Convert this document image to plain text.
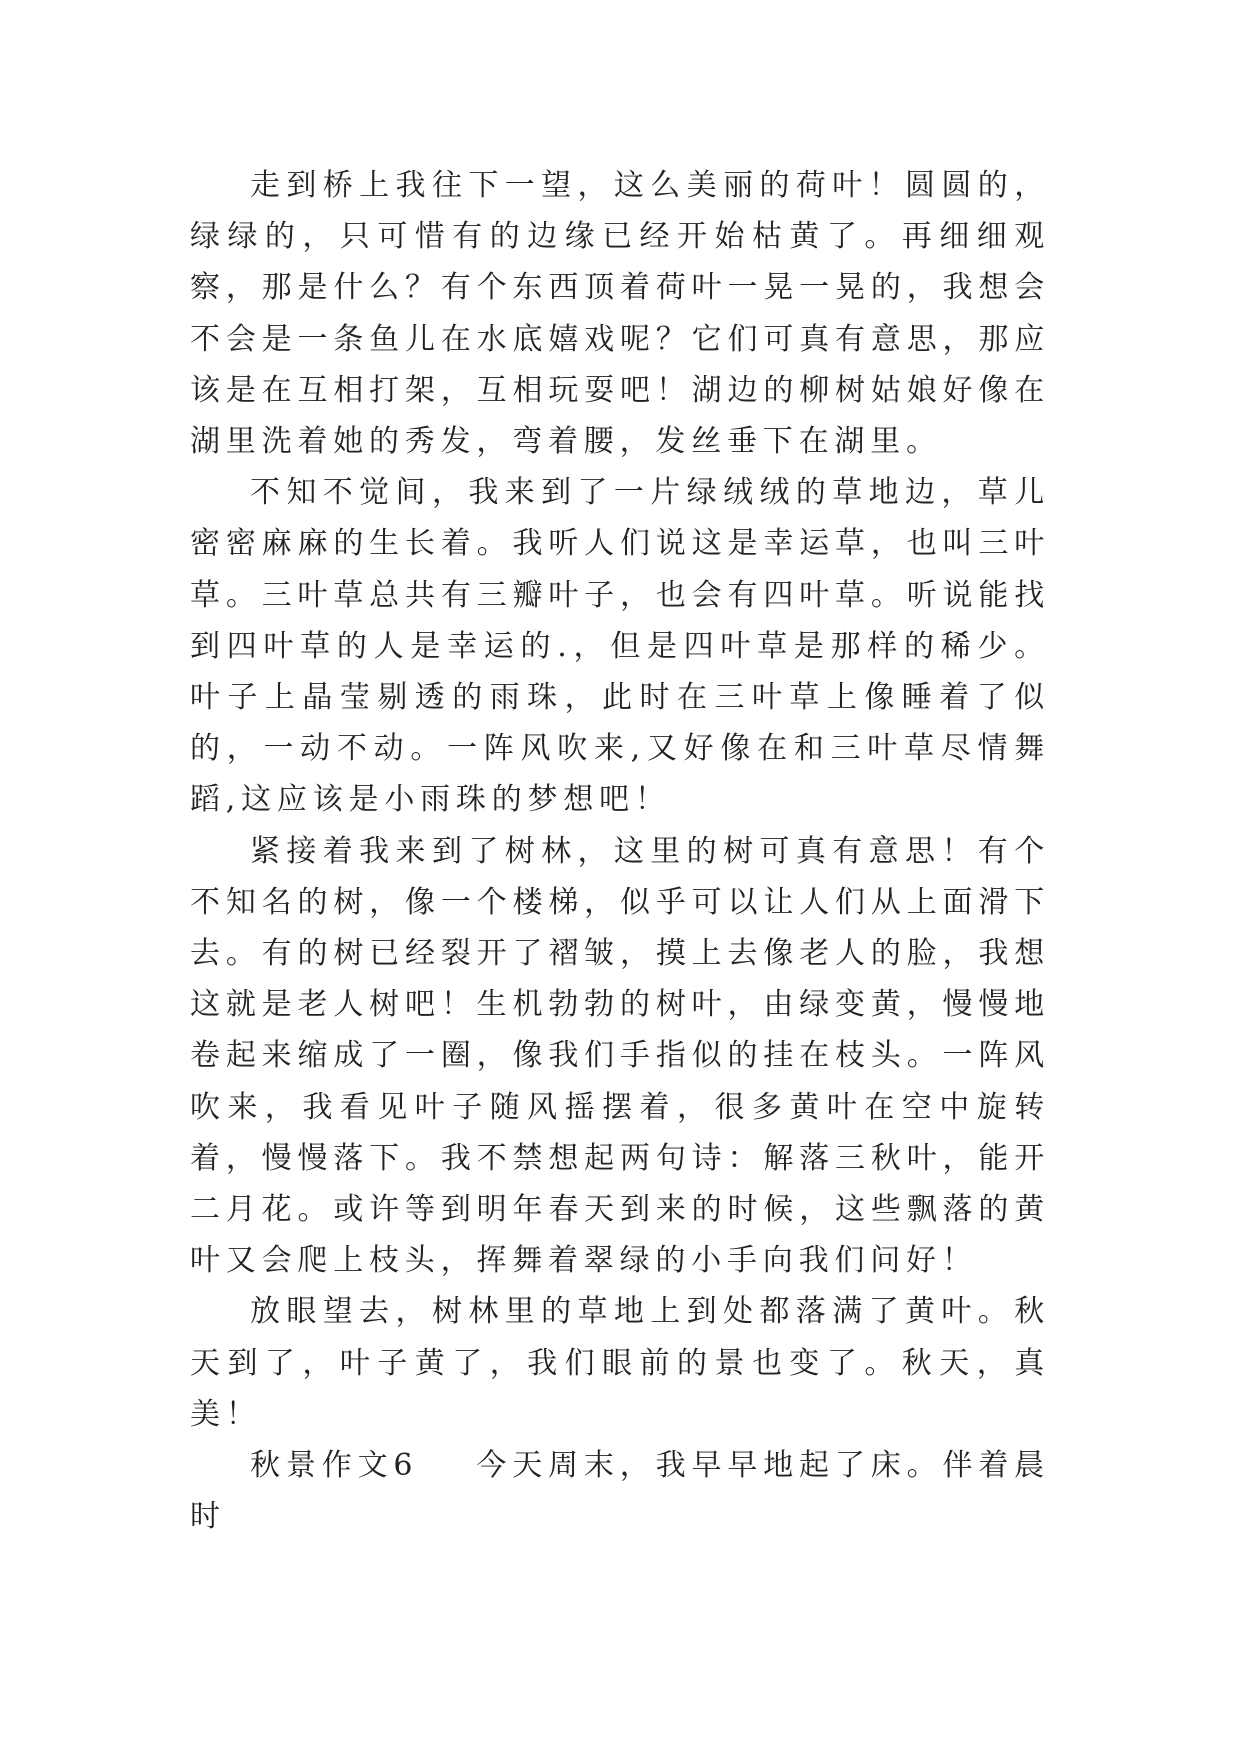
走到桥上我往下一望，这么美丽的荷叶！圆圆的，绿绿的，只可惜有的边缘已经开始枯黄了。再细细观察，那是什么？有个东西顶着荷叶一晃一晃的，我想会不会是一条鱼儿在水底嬉戏呢？它们可真有意思，那应该是在互相打架，互相玩耍吧！湖边的柳树姑娘好像在湖里洗着她的秀发，弯着腰，发丝垂下在湖里。

不知不觉间，我来到了一片绿绒绒的草地边，草儿密密麻麻的生长着。我听人们说这是幸运草，也叫三叶草。三叶草总共有三瓣叶子，也会有四叶草。听说能找到四叶草的人是幸运的.，但是四叶草是那样的稀少。叶子上晶莹剔透的雨珠，此时在三叶草上像睡着了似的，一动不动。一阵风吹来,又好像在和三叶草尽情舞蹈,这应该是小雨珠的梦想吧！

紧接着我来到了树林，这里的树可真有意思！有个不知名的树，像一个楼梯，似乎可以让人们从上面滑下去。有的树已经裂开了褶皱，摸上去像老人的脸，我想这就是老人树吧！生机勃勃的树叶，由绿变黄，慢慢地卷起来缩成了一圈，像我们手指似的挂在枝头。一阵风吹来，我看见叶子随风摇摆着，很多黄叶在空中旋转着，慢慢落下。我不禁想起两句诗：解落三秋叶，能开二月花。或许等到明年春天到来的时候，这些飘落的黄叶又会爬上枝头，挥舞着翠绿的小手向我们问好！

放眼望去，树林里的草地上到处都落满了黄叶。秋天到了，叶子黄了，我们眼前的景也变了。秋天，真美！

秋景作文6 今天周末，我早早地起了床。伴着晨时
